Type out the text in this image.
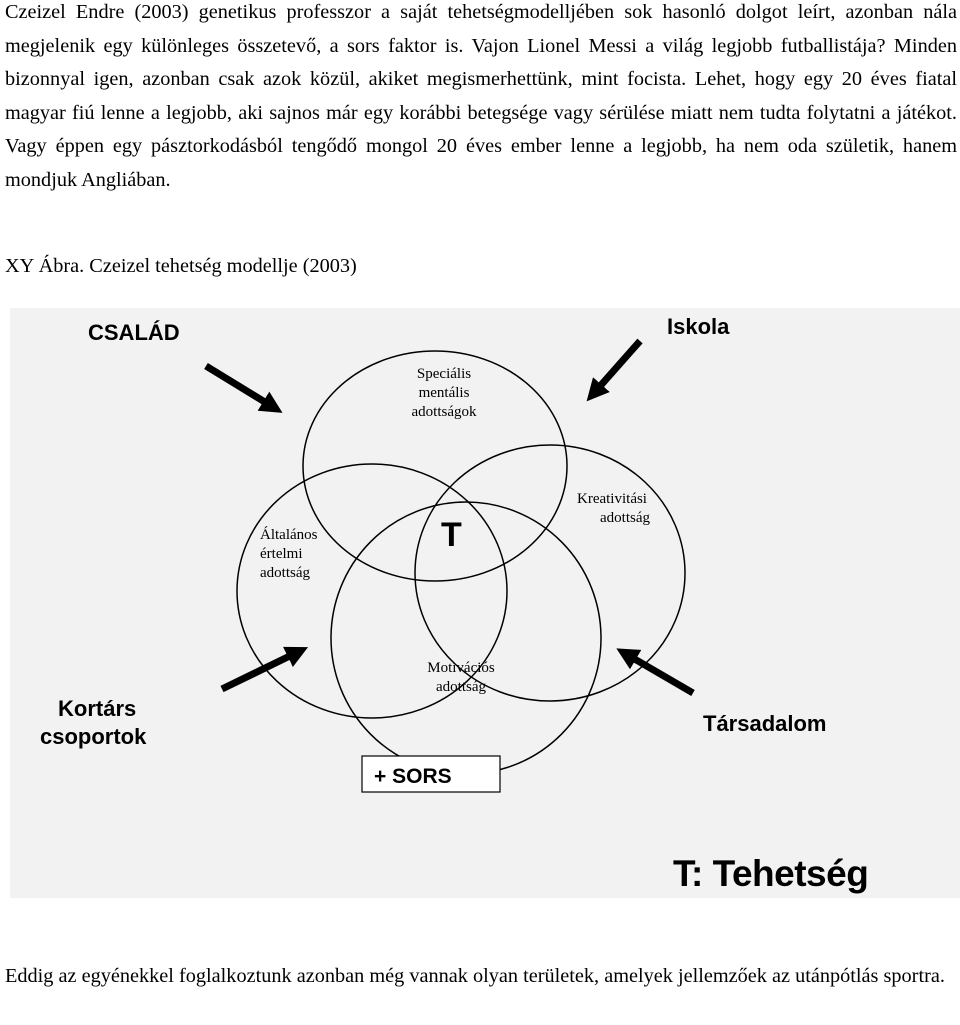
Czeizel Endre (2003) genetikus professzor a saját tehetségmodelljében sok hasonló dolgot leírt, azonban nála megjelenik egy különleges összetevő, a sors faktor is. Vajon Lionel Messi a világ legjobb futballistája? Minden bizonnyal igen, azonban csak azok közül, akiket megismerhettünk, mint focista. Lehet, hogy egy 20 éves fiatal magyar fiú lenne a legjobb, aki sajnos már egy korábbi betegsége vagy sérülése miatt nem tudta folytatni a játékot. Vagy éppen egy pásztorkodásból tengődő mongol 20 éves ember lenne a legjobb, ha nem oda születik, hanem mondjuk Angliában.

XY Ábra. Czeizel tehetség modellje (2003)

CSALÁD	Iskola
Kortárs
csoportok
Társadalom
Speciális
mentális
adottságok
Általános
értelmi
adottság
Kreativitási
adottság
Motivációs
adottság
T
+ SORS
T: Tehetség

Eddig az egyénekkel foglalkoztunk azonban még vannak olyan területek, amelyek jellemzőek az utánpótlás sportra.
